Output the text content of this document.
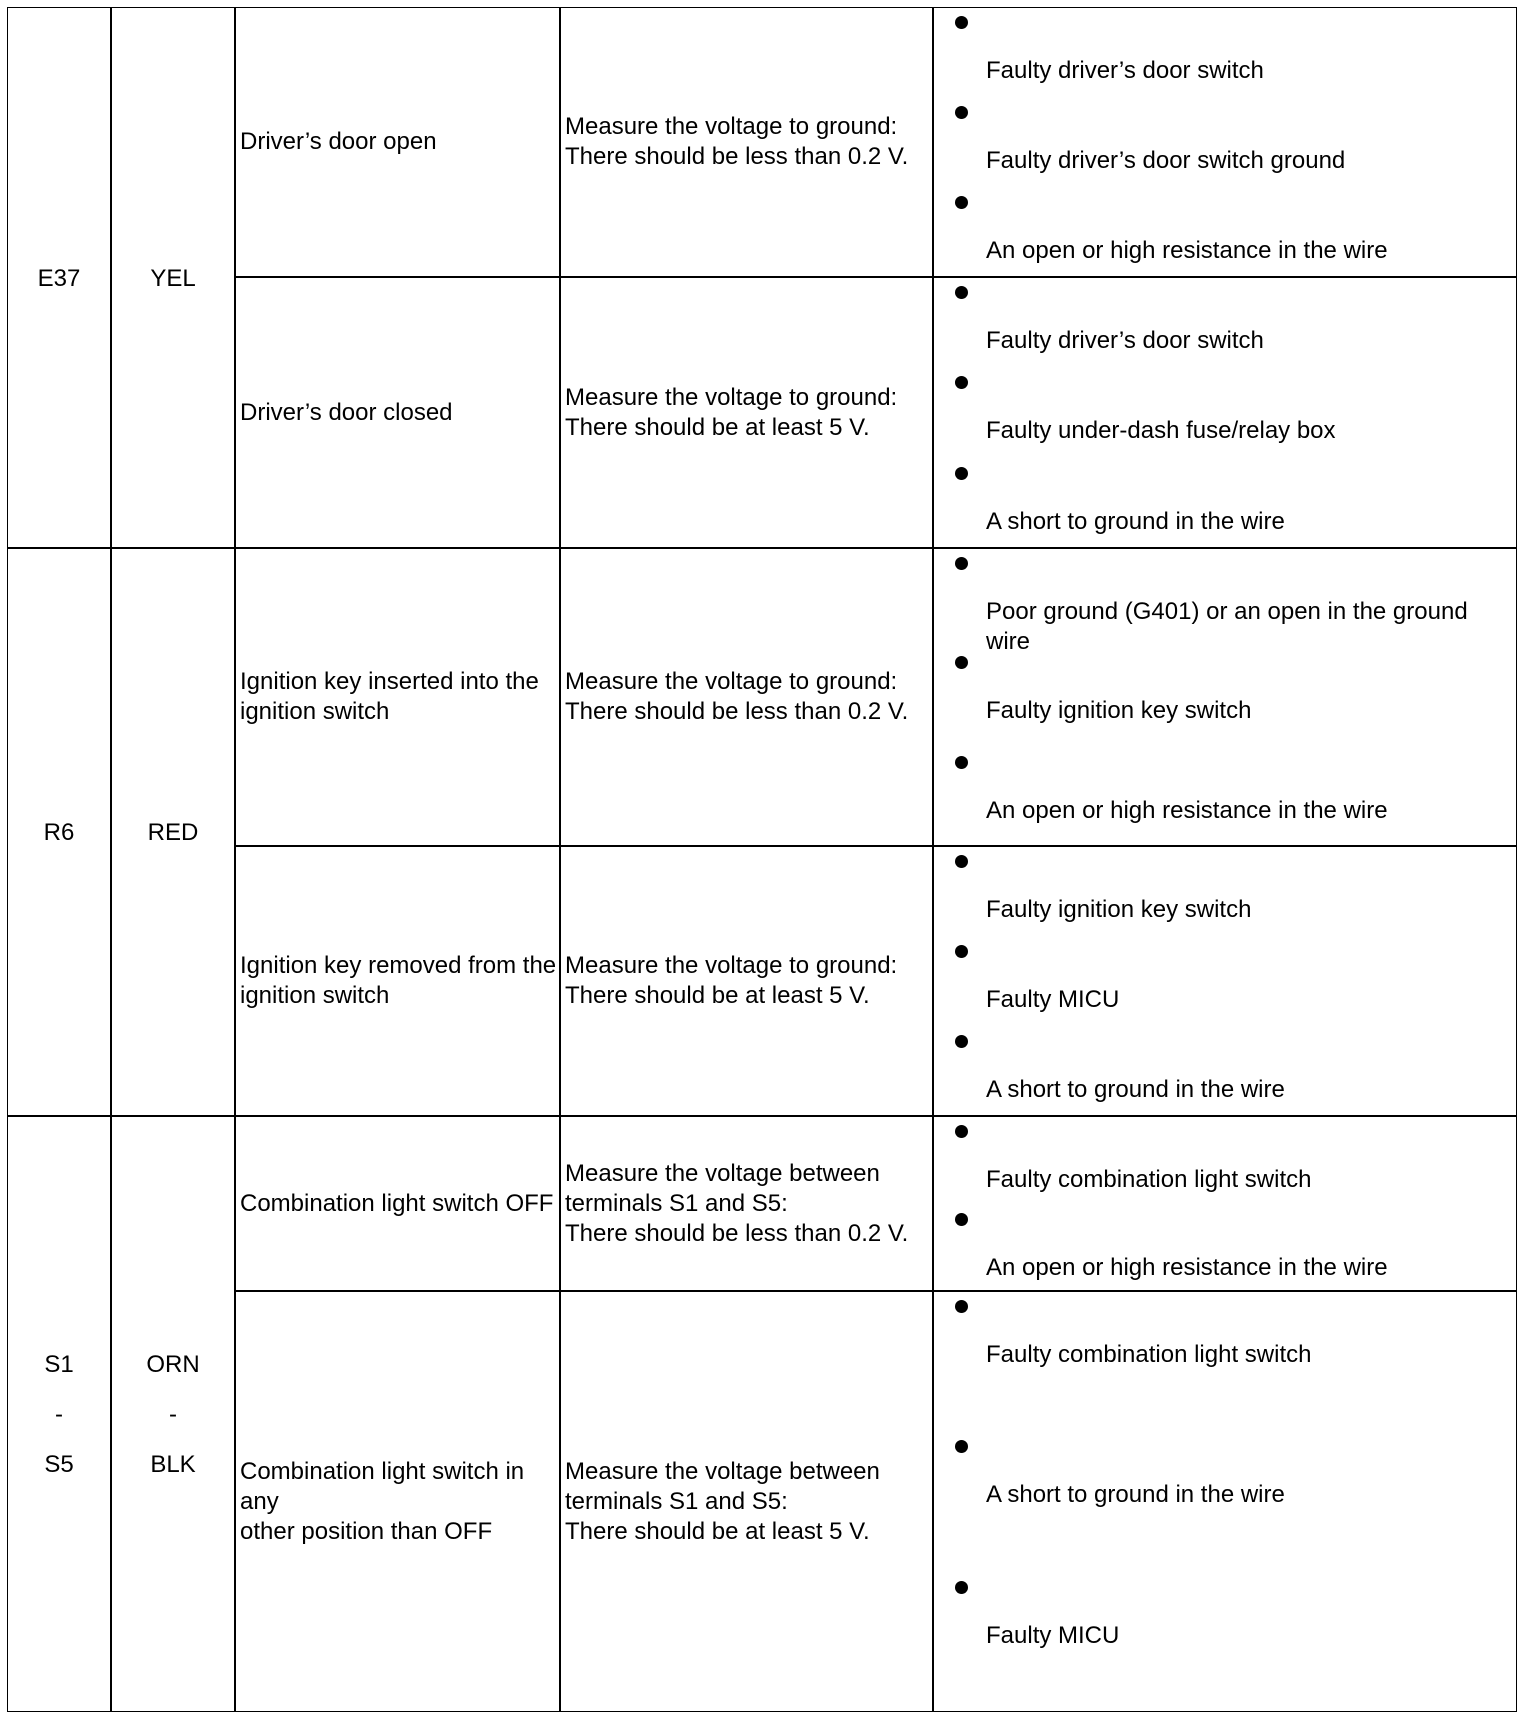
E37	YEL
Driver’s door open
Measure the voltage to ground:
There should be less than 0.2 V.
Faulty driver’s door switch
Faulty driver’s door switch ground
An open or high resistance in the wire
Driver’s door closed
Measure the voltage to ground:
There should be at least 5 V.
Faulty driver’s door switch
Faulty under-dash fuse/relay box
A short to ground in the wire
R6	RED
Ignition key inserted into the
ignition switch
Measure the voltage to ground:
There should be less than 0.2 V.
Poor ground (G401) or an open in the ground wire
Faulty ignition key switch
An open or high resistance in the wire
Ignition key removed from the
ignition switch
Measure the voltage to ground:
There should be at least 5 V.
Faulty ignition key switch
Faulty MICU
A short to ground in the wire
S1
-
S5
ORN
-
BLK
Combination light switch OFF
Measure the voltage between
terminals S1 and S5:
There should be less than 0.2 V.
Faulty combination light switch
An open or high resistance in the wire
Combination light switch in any
other position than OFF
Measure the voltage between
terminals S1 and S5:
There should be at least 5 V.
Faulty combination light switch
A short to ground in the wire
Faulty MICU
